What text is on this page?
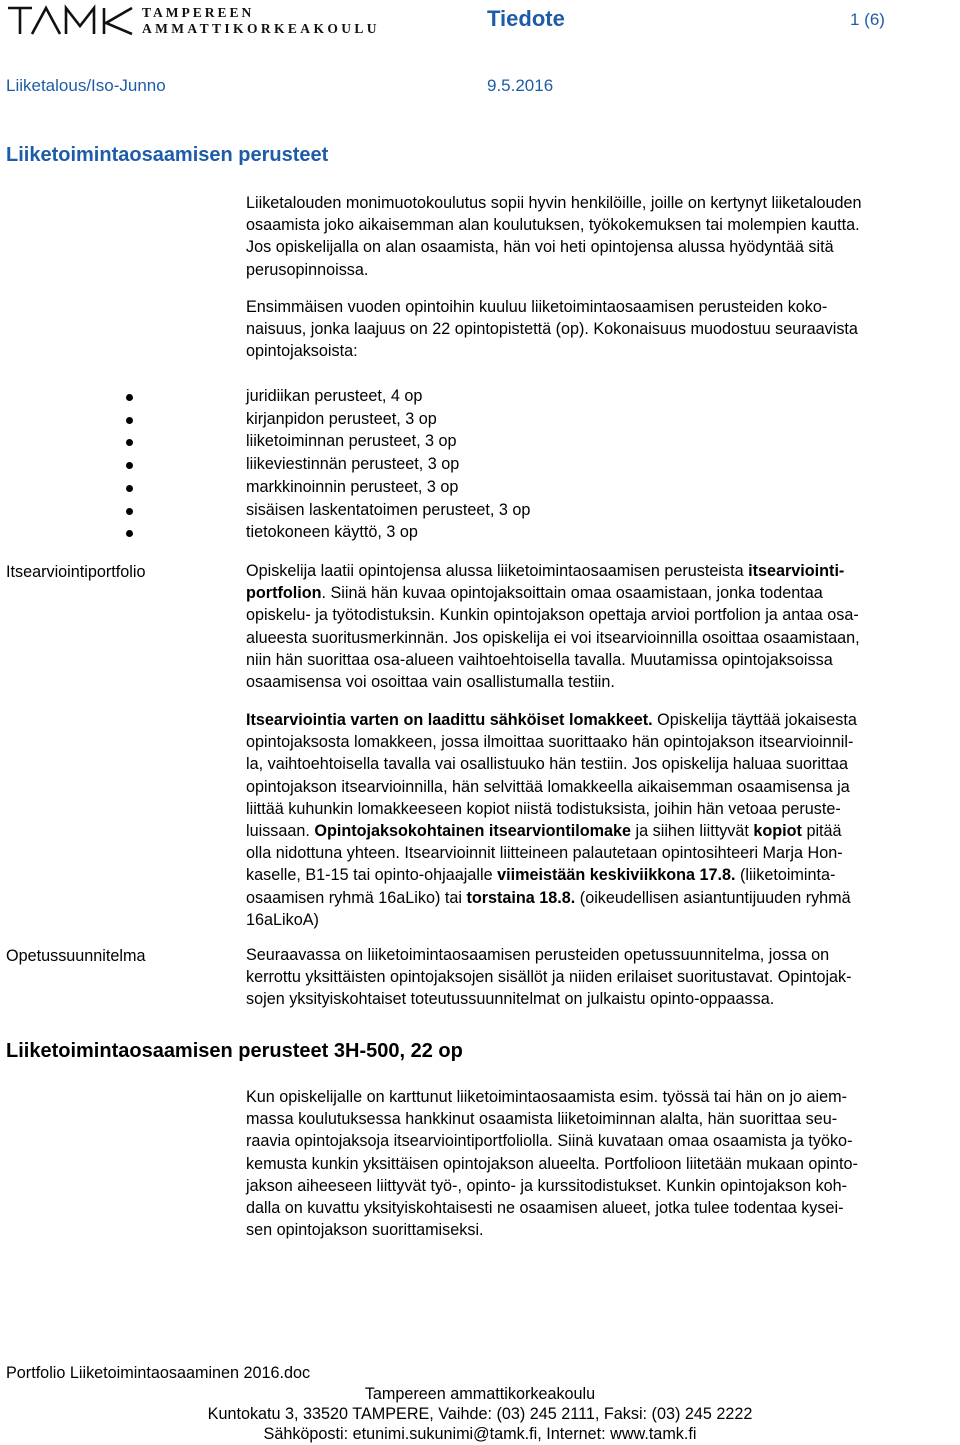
TAMPEREEN
AMMATTIKORKEAKOULU	Tiedote	1 (6)
Liiketalous/Iso-Junno	9.5.2016
Liiketoimintaosaamisen perusteet
Liiketalouden monimuotokoulutus sopii hyvin henkilöille, joille on kertynyt liiketalouden
osaamista joko aikaisemman alan koulutuksen, työkokemuksen tai molempien kautta.
Jos opiskelijalla on alan osaamista, hän voi heti opintojensa alussa hyödyntää sitä
perusopinnoissa.
Ensimmäisen vuoden opintoihin kuuluu liiketoimintaosaamisen perusteiden koko-
naisuus, jonka laajuus on 22 opintopistettä (op). Kokonaisuus muodostuu seuraavista
opintojaksoista:
juridiikan perusteet, 4 op
kirjanpidon perusteet, 3 op
liiketoiminnan perusteet, 3 op
liikeviestinnän perusteet, 3 op
markkinoinnin perusteet, 3 op
sisäisen laskentatoimen perusteet, 3 op
tietokoneen käyttö, 3 op
Itsearviointiportfolio	Opiskelija laatii opintojensa alussa liiketoimintaosaamisen perusteista itsearviointi-
portfolion. Siinä hän kuvaa opintojaksoittain omaa osaamistaan, jonka todentaa
opiskelu- ja työtodistuksin. Kunkin opintojakson opettaja arvioi portfolion ja antaa osa-
alueesta suoritusmerkinnän. Jos opiskelija ei voi itsearvioinnilla osoittaa osaamistaan,
niin hän suorittaa osa-alueen vaihtoehtoisella tavalla. Muutamissa opintojaksoissa
osaamisensa voi osoittaa vain osallistumalla testiin.
Itsearviointia varten on laadittu sähköiset lomakkeet. Opiskelija täyttää jokaisesta
opintojaksosta lomakkeen, jossa ilmoittaa suorittaako hän opintojakson itsearvioinnil-
la, vaihtoehtoisella tavalla vai osallistuuko hän testiin. Jos opiskelija haluaa suorittaa
opintojakson itsearvioinnilla, hän selvittää lomakkeella aikaisemman osaamisensa ja
liittää kuhunkin lomakkeeseen kopiot niistä todistuksista, joihin hän vetoaa peruste-
luissaan. Opintojaksokohtainen itsearviontilomake ja siihen liittyvät kopiot pitää
olla nidottuna yhteen. Itsearvioinnit liitteineen palautetaan opintosihteeri Marja Hon-
kaselle, B1-15 tai opinto-ohjaajalle viimeistään keskiviikkona 17.8. (liiketoiminta-
osaamisen ryhmä 16aLiko) tai torstaina 18.8. (oikeudellisen asiantuntijuuden ryhmä
16aLikoA)
Opetussuunnitelma	Seuraavassa on liiketoimintaosaamisen perusteiden opetussuunnitelma, jossa on
kerrottu yksittäisten opintojaksojen sisällöt ja niiden erilaiset suoritustavat. Opintojak-
sojen yksityiskohtaiset toteutussuunnitelmat on julkaistu opinto-oppaassa.
Liiketoimintaosaamisen perusteet 3H-500, 22 op
Kun opiskelijalle on karttunut liiketoimintaosaamista esim. työssä tai hän on jo aiem-
massa koulutuksessa hankkinut osaamista liiketoiminnan alalta, hän suorittaa seu-
raavia opintojaksoja itsearviointiportfoliolla. Siinä kuvataan omaa osaamista ja työko-
kemusta kunkin yksittäisen opintojakson alueelta. Portfolioon liitetään mukaan opinto-
jakson aiheeseen liittyvät työ-, opinto- ja kurssitodistukset. Kunkin opintojakson koh-
dalla on kuvattu yksityiskohtaisesti ne osaamisen alueet, jotka tulee todentaa kysei-
sen opintojakson suorittamiseksi.
Portfolio Liiketoimintaosaaminen 2016.doc
Tampereen ammattikorkeakoulu
Kuntokatu 3, 33520 TAMPERE, Vaihde: (03) 245 2111, Faksi: (03) 245 2222
Sähköposti: etunimi.sukunimi@tamk.fi, Internet: www.tamk.fi
